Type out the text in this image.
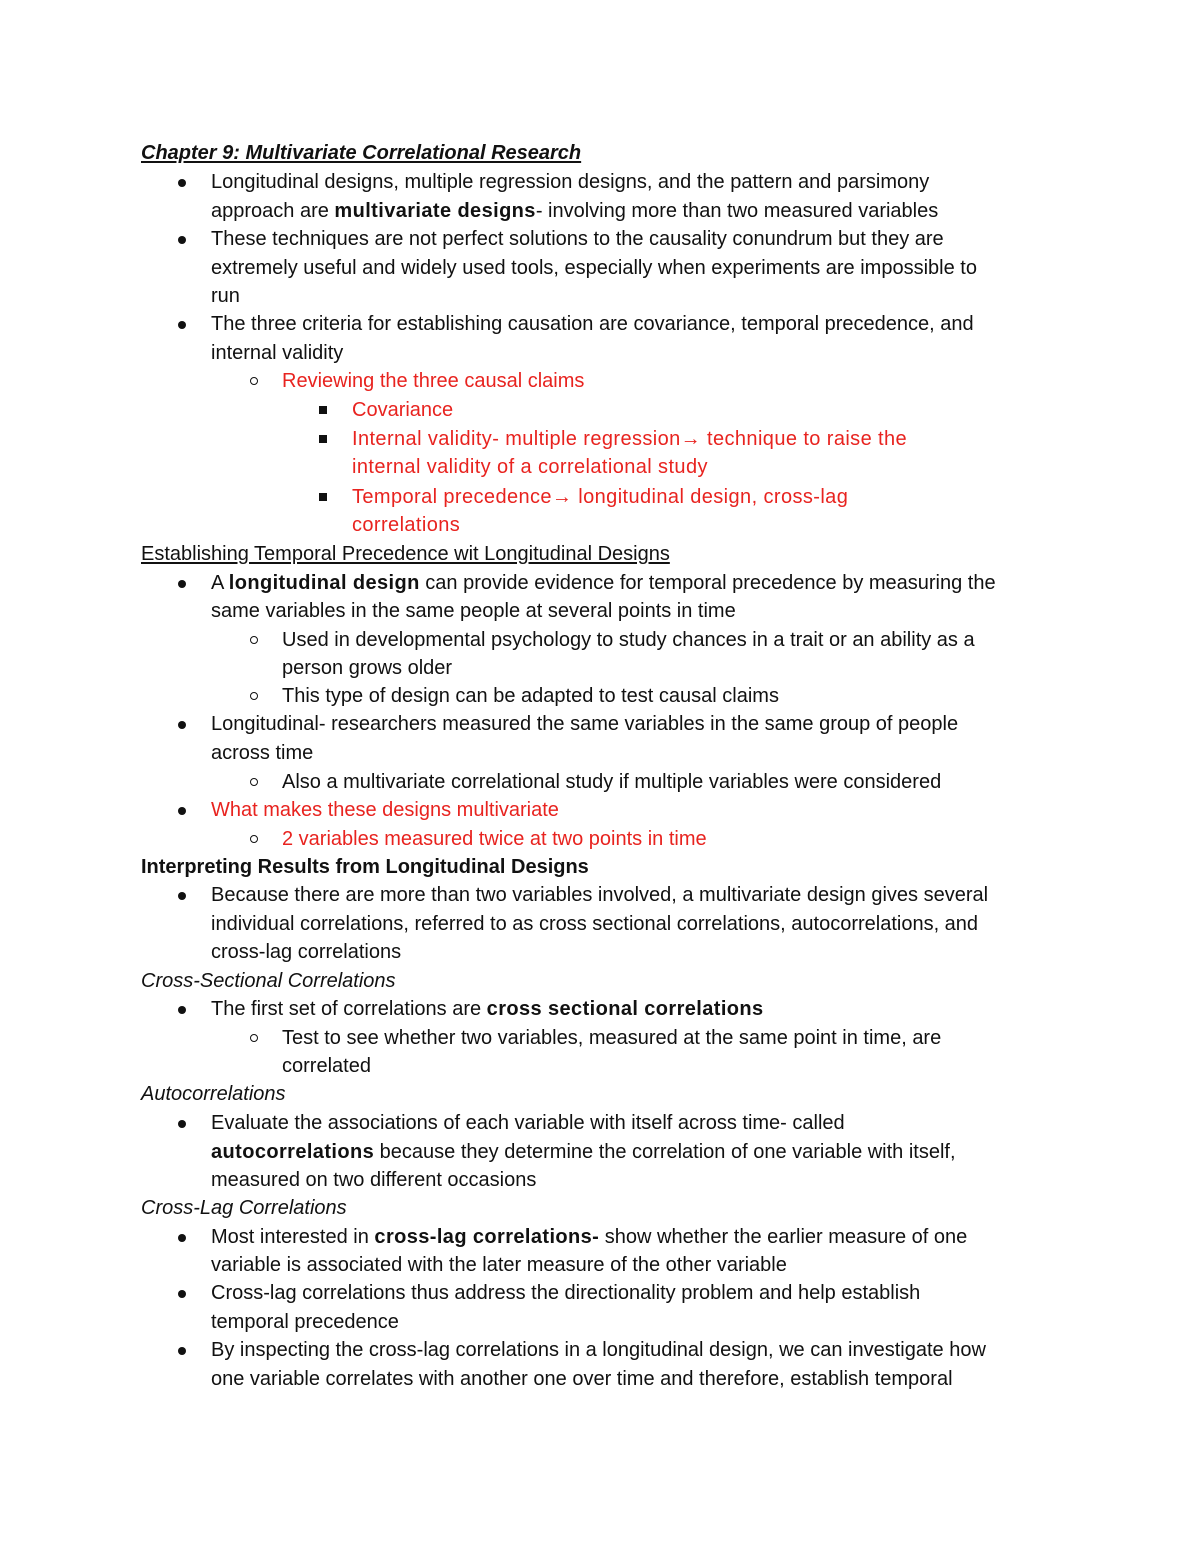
Chapter 9: Multivariate Correlational Research
Longitudinal designs, multiple regression designs, and the pattern and parsimony
approach are multivariate designs- involving more than two measured variables
These techniques are not perfect solutions to the causality conundrum but they are
extremely useful and widely used tools, especially when experiments are impossible to
run
The three criteria for establishing causation are covariance, temporal precedence, and
internal validity
Reviewing the three causal claims
Covariance
Internal validity- multiple regression→ technique to raise the
internal validity of a correlational study
Temporal precedence→ longitudinal design, cross-lag
correlations
Establishing Temporal Precedence wit Longitudinal Designs
A longitudinal design can provide evidence for temporal precedence by measuring the
same variables in the same people at several points in time
Used in developmental psychology to study chances in a trait or an ability as a
person grows older
This type of design can be adapted to test causal claims
Longitudinal- researchers measured the same variables in the same group of people
across time
Also a multivariate correlational study if multiple variables were considered
What makes these designs multivariate
2 variables measured twice at two points in time
Interpreting Results from Longitudinal Designs
Because there are more than two variables involved, a multivariate design gives several
individual correlations, referred to as cross sectional correlations, autocorrelations, and
cross-lag correlations
Cross-Sectional Correlations
The first set of correlations are cross sectional correlations
Test to see whether two variables, measured at the same point in time, are
correlated
Autocorrelations
Evaluate the associations of each variable with itself across time- called
autocorrelations because they determine the correlation of one variable with itself,
measured on two different occasions
Cross-Lag Correlations
Most interested in cross-lag correlations- show whether the earlier measure of one
variable is associated with the later measure of the other variable
Cross-lag correlations thus address the directionality problem and help establish
temporal precedence
By inspecting the cross-lag correlations in a longitudinal design, we can investigate how
one variable correlates with another one over time and therefore, establish temporal
